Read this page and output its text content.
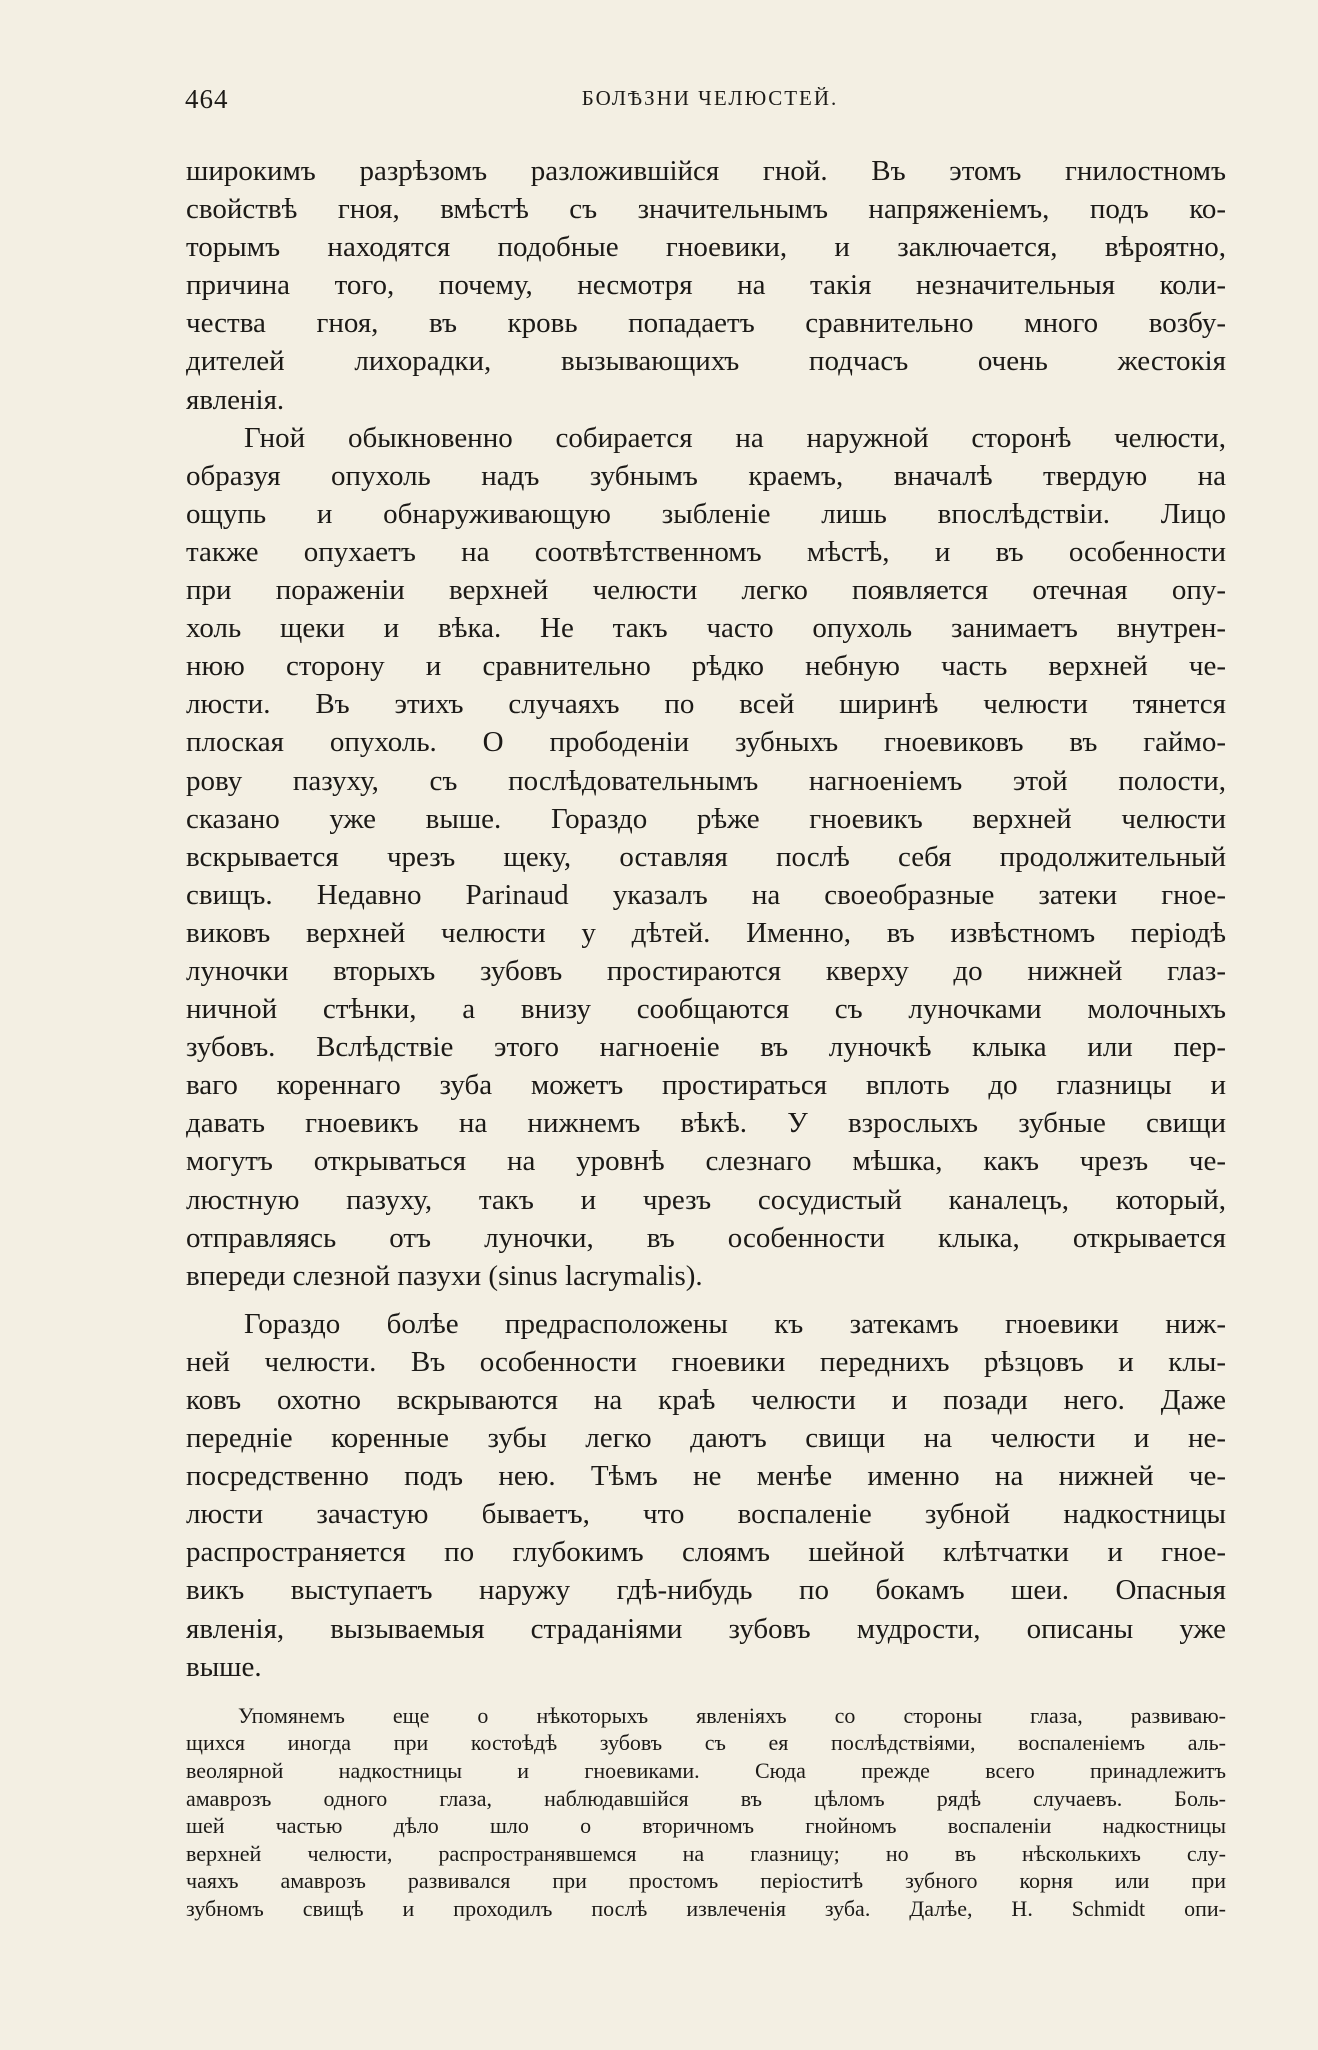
464	БОЛѢЗНИ ЧЕЛЮСТЕЙ.
широкимъ разрѣзомъ разложившійся гной. Въ этомъ гнилостномъ
свойствѣ гноя, вмѣстѣ съ значительнымъ напряженіемъ, подъ ко-
торымъ находятся подобные гноевики, и заключается, вѣроятно,
причина того, почему, несмотря на такія незначительныя коли-
чества гноя, въ кровь попадаетъ сравнительно много возбу-
дителей лихорадки, вызывающихъ подчасъ очень жестокія
явленія.
Гной обыкновенно собирается на наружной сторонѣ челюсти,
образуя опухоль надъ зубнымъ краемъ, вначалѣ твердую на
ощупь и обнаруживающую зыбленіе лишь впослѣдствіи. Лицо
также опухаетъ на соотвѣтственномъ мѣстѣ, и въ особенности
при пораженіи верхней челюсти легко появляется отечная опу-
холь щеки и вѣка. Не такъ часто опухоль занимаетъ внутрен-
нюю сторону и сравнительно рѣдко небную часть верхней че-
люсти. Въ этихъ случаяхъ по всей ширинѣ челюсти тянется
плоская опухоль. О прободеніи зубныхъ гноевиковъ въ гаймо-
рову пазуху, съ послѣдовательнымъ нагноеніемъ этой полости,
сказано уже выше. Гораздо рѣже гноевикъ верхней челюсти
вскрывается чрезъ щеку, оставляя послѣ себя продолжительный
свищъ. Недавно Parinaud указалъ на своеобразные затеки гное-
виковъ верхней челюсти у дѣтей. Именно, въ извѣстномъ періодѣ
луночки вторыхъ зубовъ простираются кверху до нижней глаз-
ничной стѣнки, а внизу сообщаются съ луночками молочныхъ
зубовъ. Вслѣдствіе этого нагноеніе въ луночкѣ клыка или пер-
ваго кореннаго зуба можетъ простираться вплоть до глазницы и
давать гноевикъ на нижнемъ вѣкѣ. У взрослыхъ зубные свищи
могутъ открываться на уровнѣ слезнаго мѣшка, какъ чрезъ че-
люстную пазуху, такъ и чрезъ сосудистый каналецъ, который,
отправляясь отъ луночки, въ особенности клыка, открывается
впереди слезной пазухи (sinus lacrymalis).
Гораздо болѣе предрасположены къ затекамъ гноевики ниж-
ней челюсти. Въ особенности гноевики переднихъ рѣзцовъ и клы-
ковъ охотно вскрываются на краѣ челюсти и позади него. Даже
передніе коренные зубы легко даютъ свищи на челюсти и не-
посредственно подъ нею. Тѣмъ не менѣе именно на нижней че-
люсти зачастую бываетъ, что воспаленіе зубной надкостницы
распространяется по глубокимъ слоямъ шейной клѣтчатки и гное-
викъ выступаетъ наружу гдѣ-нибудь по бокамъ шеи. Опасныя
явленія, вызываемыя страданіями зубовъ мудрости, описаны уже
выше.
Упомянемъ еще о нѣкоторыхъ явленіяхъ со стороны глаза, развиваю-
щихся иногда при костоѣдѣ зубовъ съ ея послѣдствіями, воспаленіемъ аль-
веолярной надкостницы и гноевиками. Сюда прежде всего принадлежитъ
амаврозъ одного глаза, наблюдавшійся въ цѣломъ рядѣ случаевъ. Боль-
шей частью дѣло шло о вторичномъ гнойномъ воспаленіи надкостницы
верхней челюсти, распространявшемся на глазницу; но въ нѣсколькихъ слу-
чаяхъ амаврозъ развивался при простомъ періоститѣ зубного корня или при
зубномъ свищѣ и проходилъ послѣ извлеченія зуба. Далѣе, H. Schmidt опи-
